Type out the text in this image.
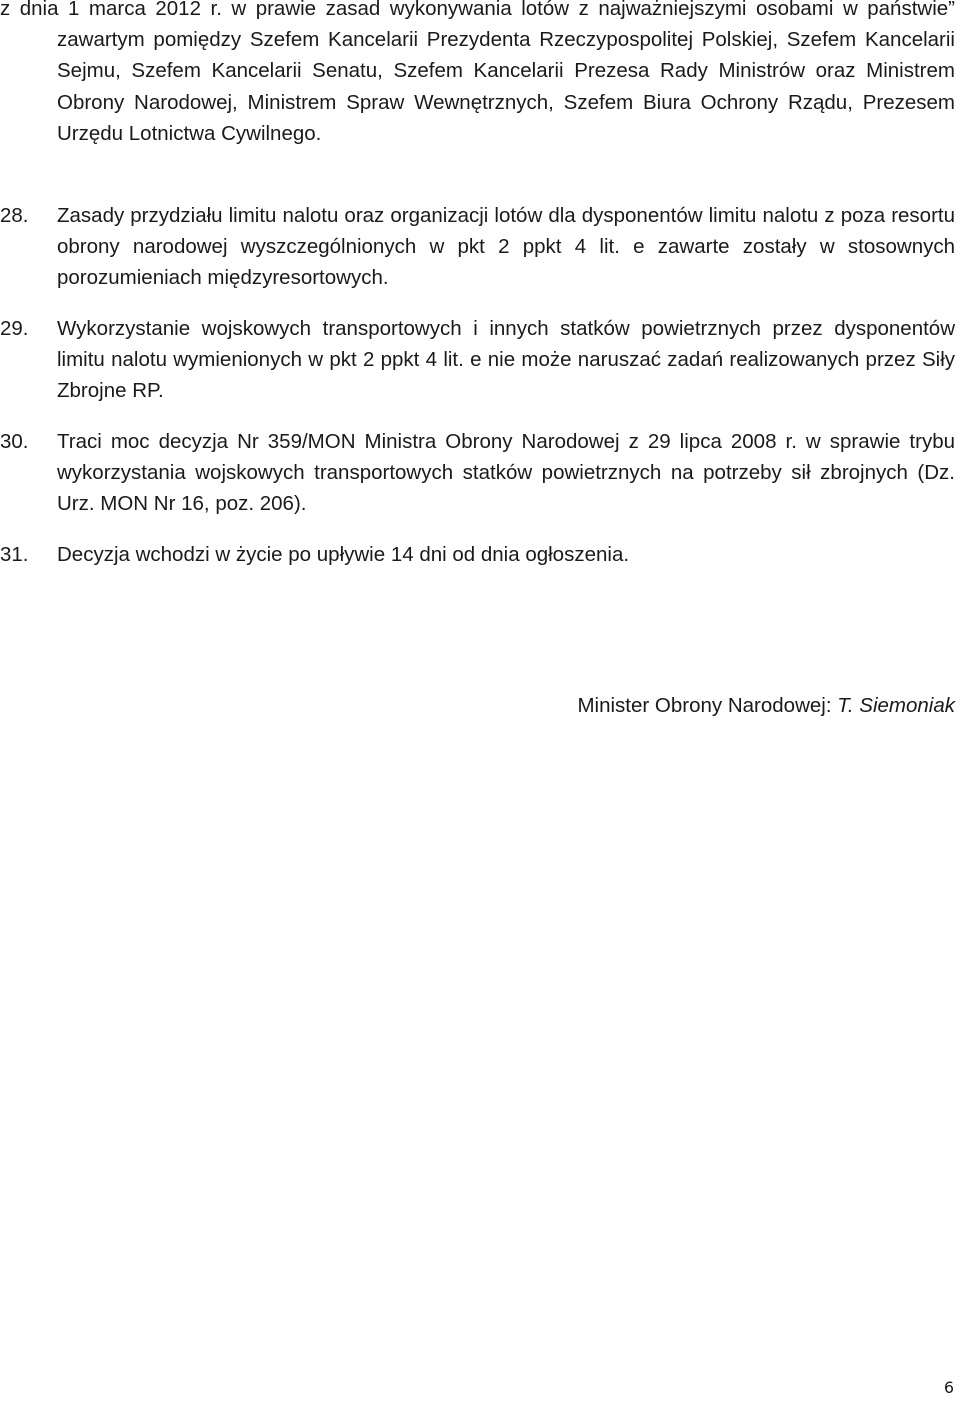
z dnia 1 marca 2012 r. w prawie zasad wykonywania lotów z najważniejszymi osobami w państwie” zawartym pomiędzy Szefem Kancelarii Prezydenta Rzeczypospolitej Polskiej, Szefem Kancelarii Sejmu, Szefem Kancelarii Senatu, Szefem Kancelarii Prezesa Rady Ministrów oraz Ministrem Obrony Narodowej, Ministrem Spraw Wewnętrznych, Szefem Biura Ochrony Rządu, Prezesem Urzędu Lotnictwa Cywilnego.

28. Zasady przydziału limitu nalotu oraz organizacji lotów dla dysponentów limitu nalotu z poza resortu obrony narodowej wyszczególnionych w pkt 2 ppkt 4 lit. e zawarte zostały w stosownych porozumieniach międzyresortowych.

29. Wykorzystanie wojskowych transportowych i innych statków powietrznych przez dysponentów limitu nalotu wymienionych w pkt 2 ppkt 4 lit. e nie może naruszać zadań realizowanych przez Siły Zbrojne RP.

30. Traci moc decyzja Nr 359/MON Ministra Obrony Narodowej z 29 lipca 2008 r. w sprawie trybu wykorzystania wojskowych transportowych statków powietrznych na potrzeby sił zbrojnych (Dz. Urz. MON Nr 16, poz. 206).

31. Decyzja wchodzi w życie po upływie 14 dni od dnia ogłoszenia.

Minister Obrony Narodowej: T. Siemoniak
6
